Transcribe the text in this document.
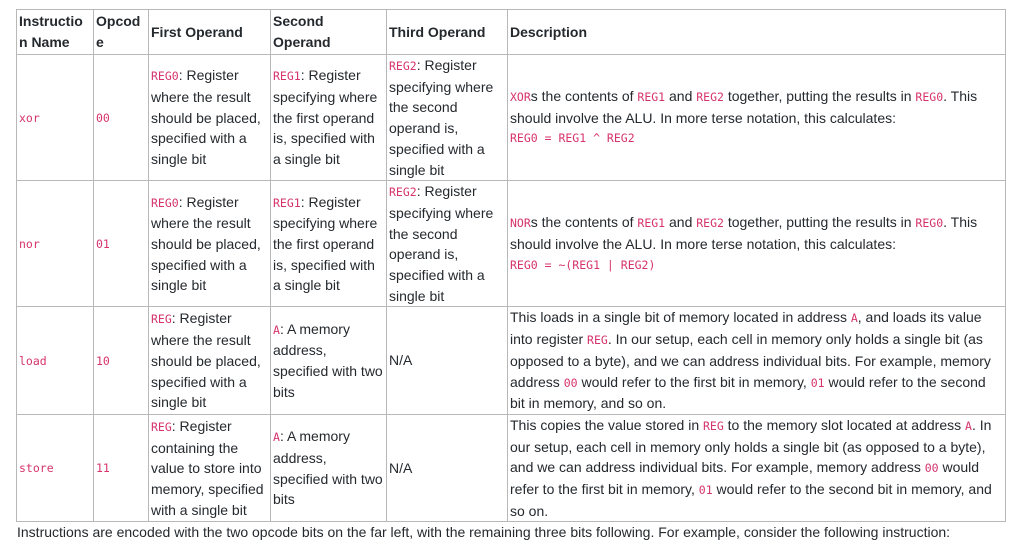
Instruction Name	Opcode	First Operand	Second Operand	Third Operand	Description
xor	00	REG0: Register where the result should be placed, specified with a single bit	REG1: Register specifying where the first operand is, specified with a single bit	REG2: Register specifying where the second operand is, specified with a single bit	XORs the contents of REG1 and REG2 together, putting the results in REG0. This should involve the ALU. In more terse notation, this calculates:
REG0 = REG1 ^ REG2

nor	01	REG0: Register where the result should be placed, specified with a single bit	REG1: Register specifying where the first operand is, specified with a single bit	REG2: Register specifying where the second operand is, specified with a single bit	NORs the contents of REG1 and REG2 together, putting the results in REG0. This should involve the ALU. In more terse notation, this calculates:
REG0 = ~(REG1 | REG2)

load	10	REG: Register where the result should be placed, specified with a single bit	A: A memory address, specified with two bits	N/A	This loads in a single bit of memory located in address A, and loads its value into register REG. In our setup, each cell in memory only holds a single bit (as opposed to a byte), and we can address individual bits. For example, memory address 00 would refer to the first bit in memory, 01 would refer to the second bit in memory, and so on.
store	11	REG: Register containing the value to store into memory, specified with a single bit	A: A memory address, specified with two bits	N/A	This copies the value stored in REG to the memory slot located at address A. In our setup, each cell in memory only holds a single bit (as opposed to a byte), and we can address individual bits. For example, memory address 00 would refer to the first bit in memory, 01 would refer to the second bit in memory, and so on.
Instructions are encoded with the two opcode bits on the far left, with the remaining three bits following. For example, consider the following instruction:
